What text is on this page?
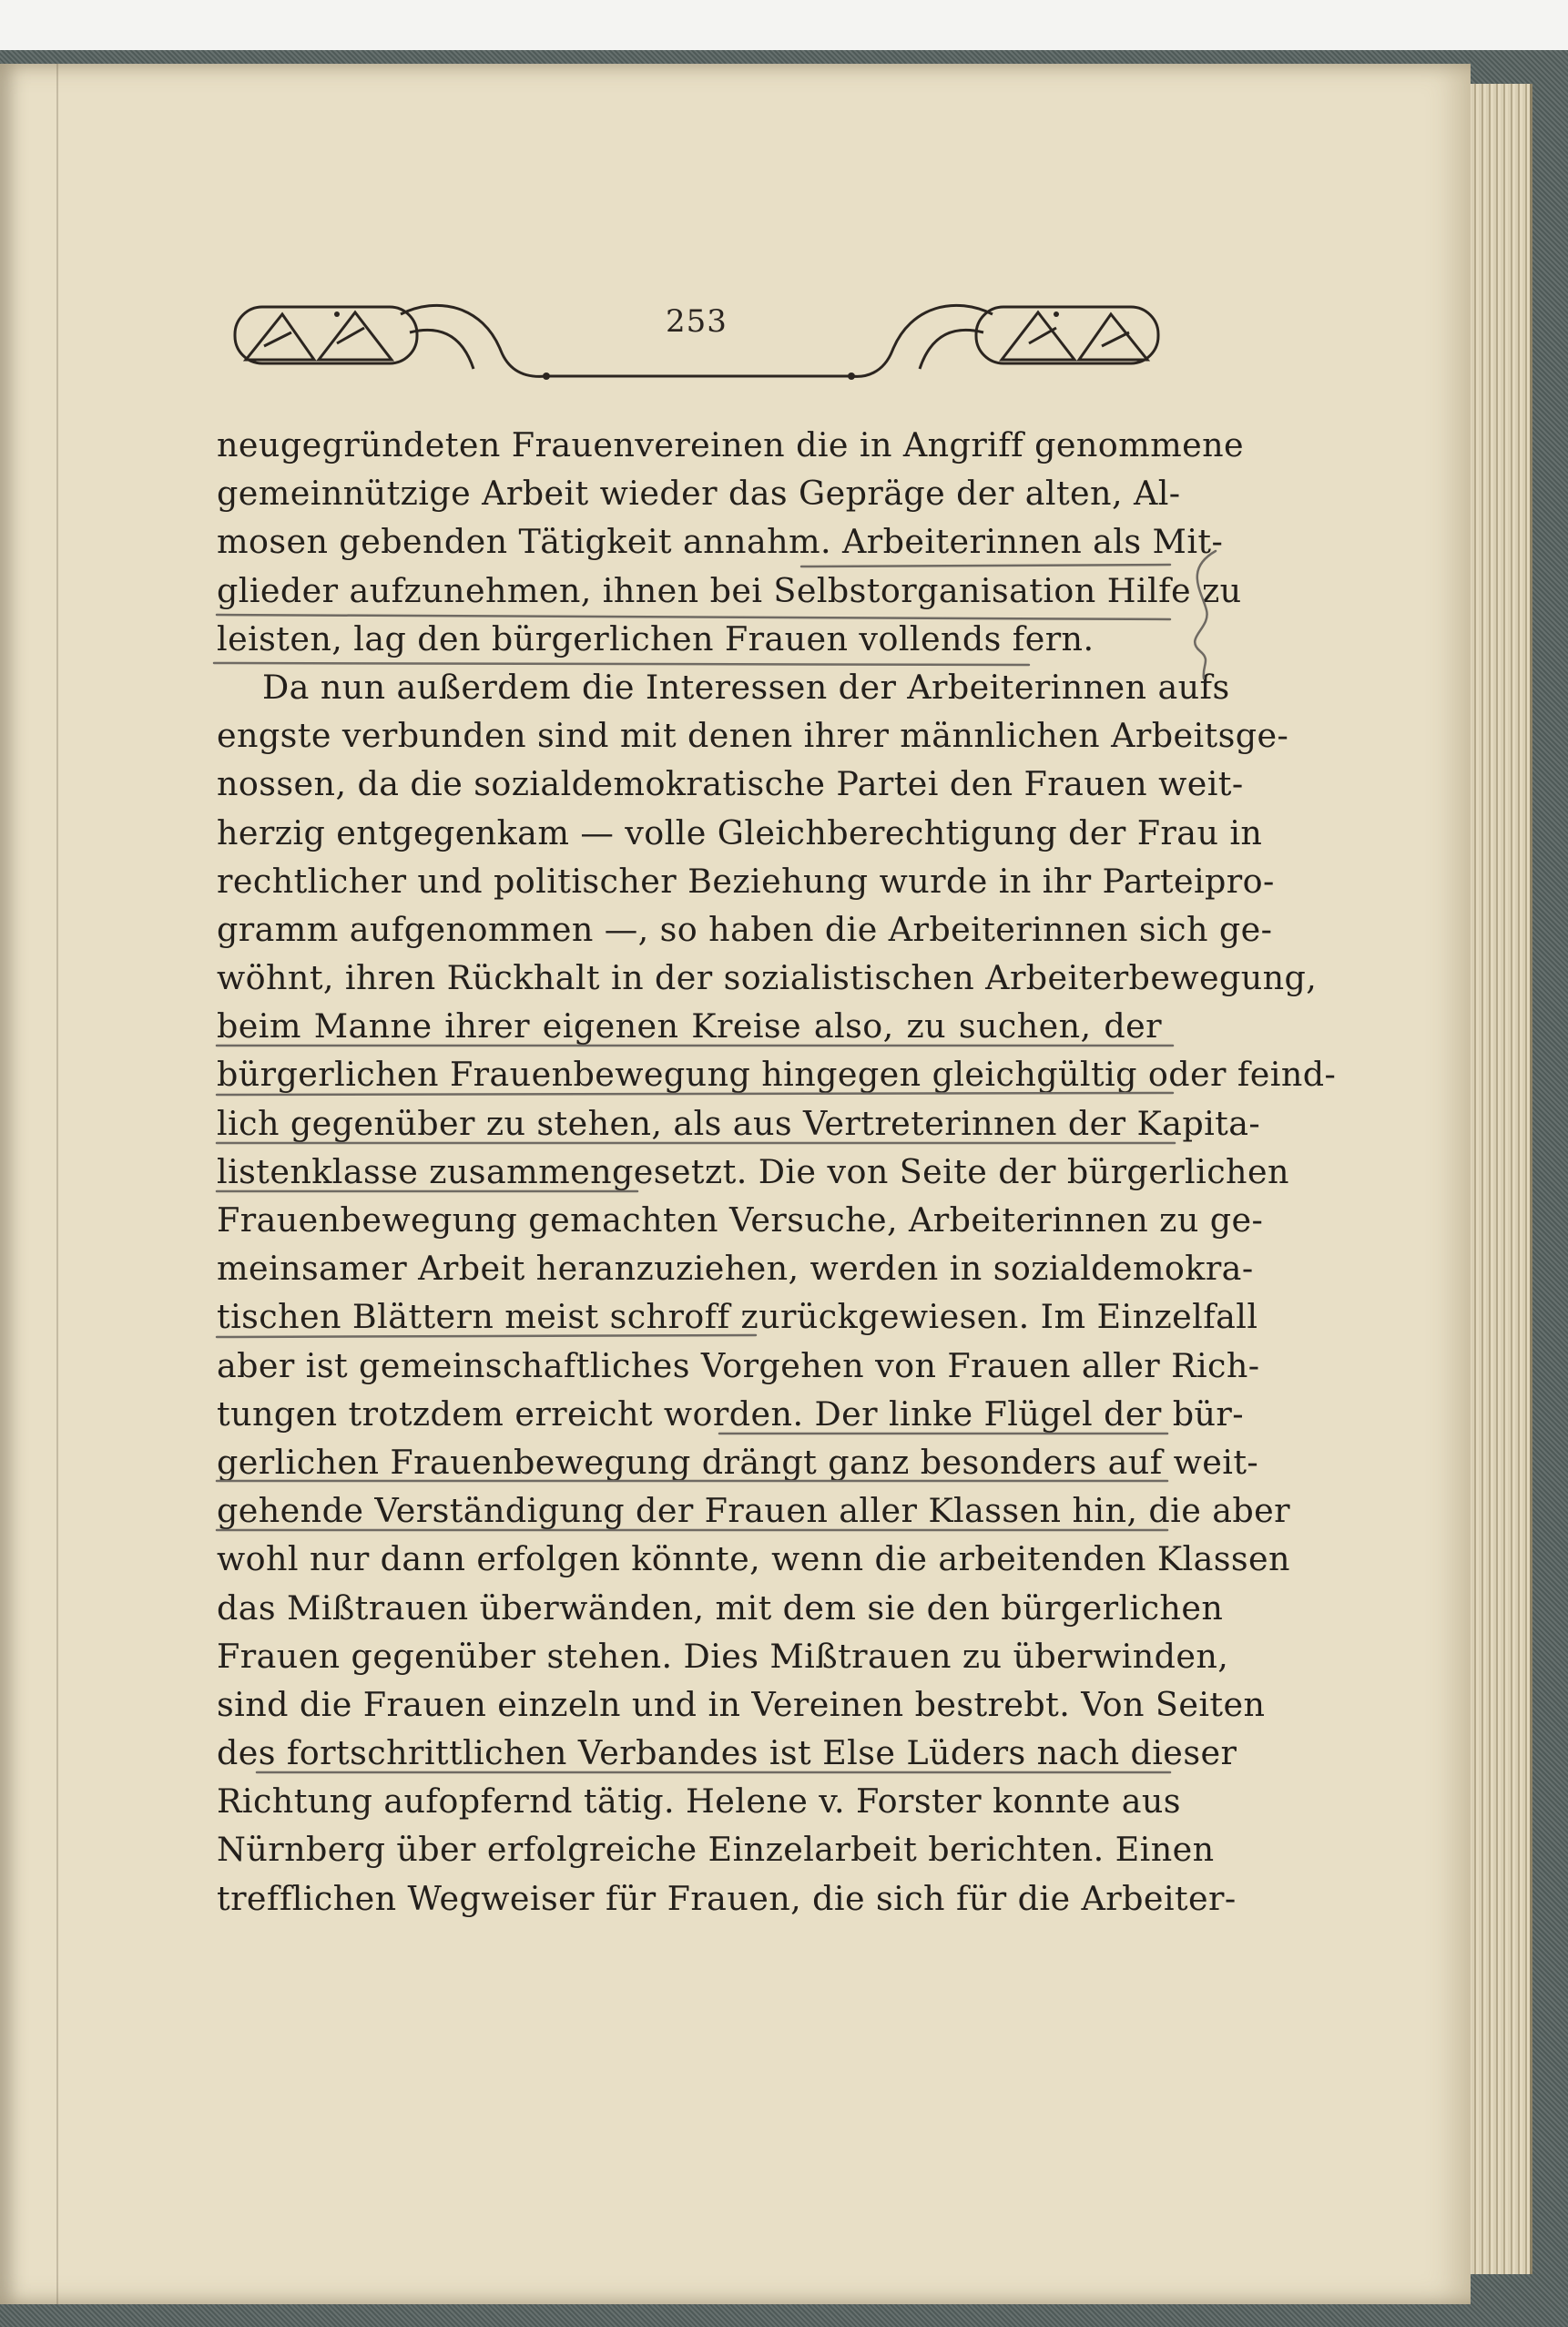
253
neugegründeten Frauenvereinen die in Angriff genommene
gemeinnützige Arbeit wieder das Gepräge der alten, Al-
mosen gebenden Tätigkeit annahm. Arbeiterinnen als Mit-
glieder aufzunehmen, ihnen bei Selbstorganisation Hilfe zu
leisten, lag den bürgerlichen Frauen vollends fern.
Da nun außerdem die Interessen der Arbeiterinnen aufs
engste verbunden sind mit denen ihrer männlichen Arbeitsge-
nossen, da die sozialdemokratische Partei den Frauen weit-
herzig entgegenkam — volle Gleichberechtigung der Frau in
rechtlicher und politischer Beziehung wurde in ihr Parteipro-
gramm aufgenommen —, so haben die Arbeiterinnen sich ge-
wöhnt, ihren Rückhalt in der sozialistischen Arbeiterbewegung,
beim Manne ihrer eigenen Kreise also, zu suchen, der
bürgerlichen Frauenbewegung hingegen gleichgültig oder feind-
lich gegenüber zu stehen, als aus Vertreterinnen der Kapita-
listenklasse zusammengesetzt. Die von Seite der bürgerlichen
Frauenbewegung gemachten Versuche, Arbeiterinnen zu ge-
meinsamer Arbeit heranzuziehen, werden in sozialdemokra-
tischen Blättern meist schroff zurückgewiesen. Im Einzelfall
aber ist gemeinschaftliches Vorgehen von Frauen aller Rich-
tungen trotzdem erreicht worden. Der linke Flügel der bür-
gerlichen Frauenbewegung drängt ganz besonders auf weit-
gehende Verständigung der Frauen aller Klassen hin, die aber
wohl nur dann erfolgen könnte, wenn die arbeitenden Klassen
das Mißtrauen überwänden, mit dem sie den bürgerlichen
Frauen gegenüber stehen. Dies Mißtrauen zu überwinden,
sind die Frauen einzeln und in Vereinen bestrebt. Von Seiten
des fortschrittlichen Verbandes ist Else Lüders nach dieser
Richtung aufopfernd tätig. Helene v. Forster konnte aus
Nürnberg über erfolgreiche Einzelarbeit berichten. Einen
trefflichen Wegweiser für Frauen, die sich für die Arbeiter-
